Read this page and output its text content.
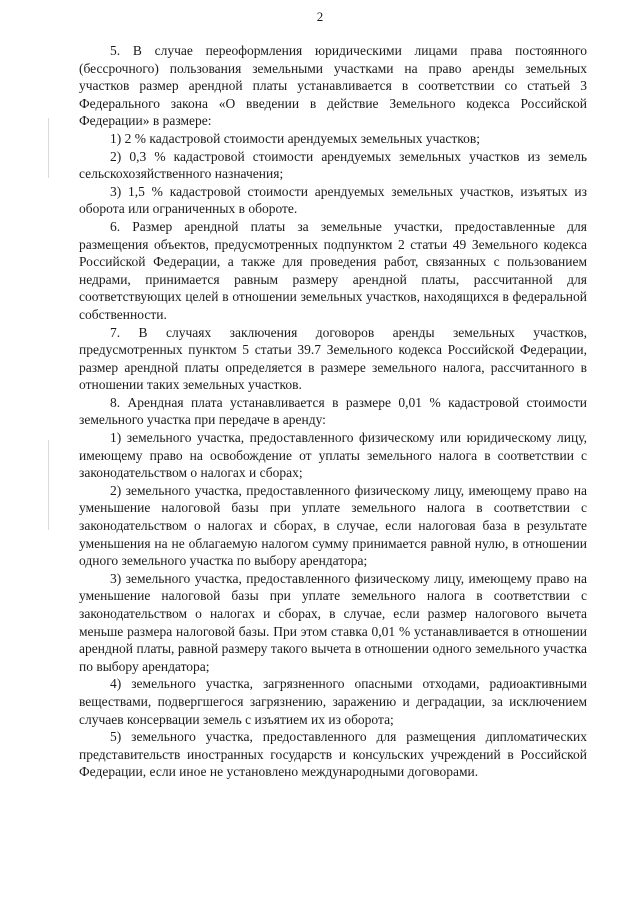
2

5. В случае переоформления юридическими лицами права постоянного (бессрочного) пользования земельными участками на право аренды земельных участков размер арендной платы устанавливается в соответствии со статьей 3 Федерального закона «О введении в действие Земельного кодекса Российской Федерации» в размере:

1) 2 % кадастровой стоимости арендуемых земельных участков;

2) 0,3 % кадастровой стоимости арендуемых земельных участков из земель сельскохозяйственного назначения;

3) 1,5 % кадастровой стоимости арендуемых земельных участков, изъятых из оборота или ограниченных в обороте.

6. Размер арендной платы за земельные участки, предоставленные для размещения объектов, предусмотренных подпунктом 2 статьи 49 Земельного кодекса Российской Федерации, а также для проведения работ, связанных с пользованием недрами, принимается равным размеру арендной платы, рассчитанной для соответствующих целей в отношении земельных участков, находящихся в федеральной собственности.

7. В случаях заключения договоров аренды земельных участков, предусмотренных пунктом 5 статьи 39.7 Земельного кодекса Российской Федерации, размер арендной платы определяется в размере земельного налога, рассчитанного в отношении таких земельных участков.

8. Арендная плата устанавливается в размере 0,01 % кадастровой стоимости земельного участка при передаче в аренду:

1) земельного участка, предоставленного физическому или юридическому лицу, имеющему право на освобождение от уплаты земельного налога в соответствии с законодательством о налогах и сборах;

2) земельного участка, предоставленного физическому лицу, имеющему право на уменьшение налоговой базы при уплате земельного налога в соответствии с законодательством о налогах и сборах, в случае, если налоговая база в результате уменьшения на не облагаемую налогом сумму принимается равной нулю, в отношении одного земельного участка по выбору арендатора;

3) земельного участка, предоставленного физическому лицу, имеющему право на уменьшение налоговой базы при уплате земельного налога в соответствии с законодательством о налогах и сборах, в случае, если размер налогового вычета меньше размера налоговой базы. При этом ставка 0,01 % устанавливается в отношении арендной платы, равной размеру такого вычета в отношении одного земельного участка по выбору арендатора;

4) земельного участка, загрязненного опасными отходами, радиоактивными веществами, подвергшегося загрязнению, заражению и деградации, за исключением случаев консервации земель с изъятием их из оборота;

5) земельного участка, предоставленного для размещения дипломатических представительств иностранных государств и консульских учреждений в Российской Федерации, если иное не установлено международными договорами.
